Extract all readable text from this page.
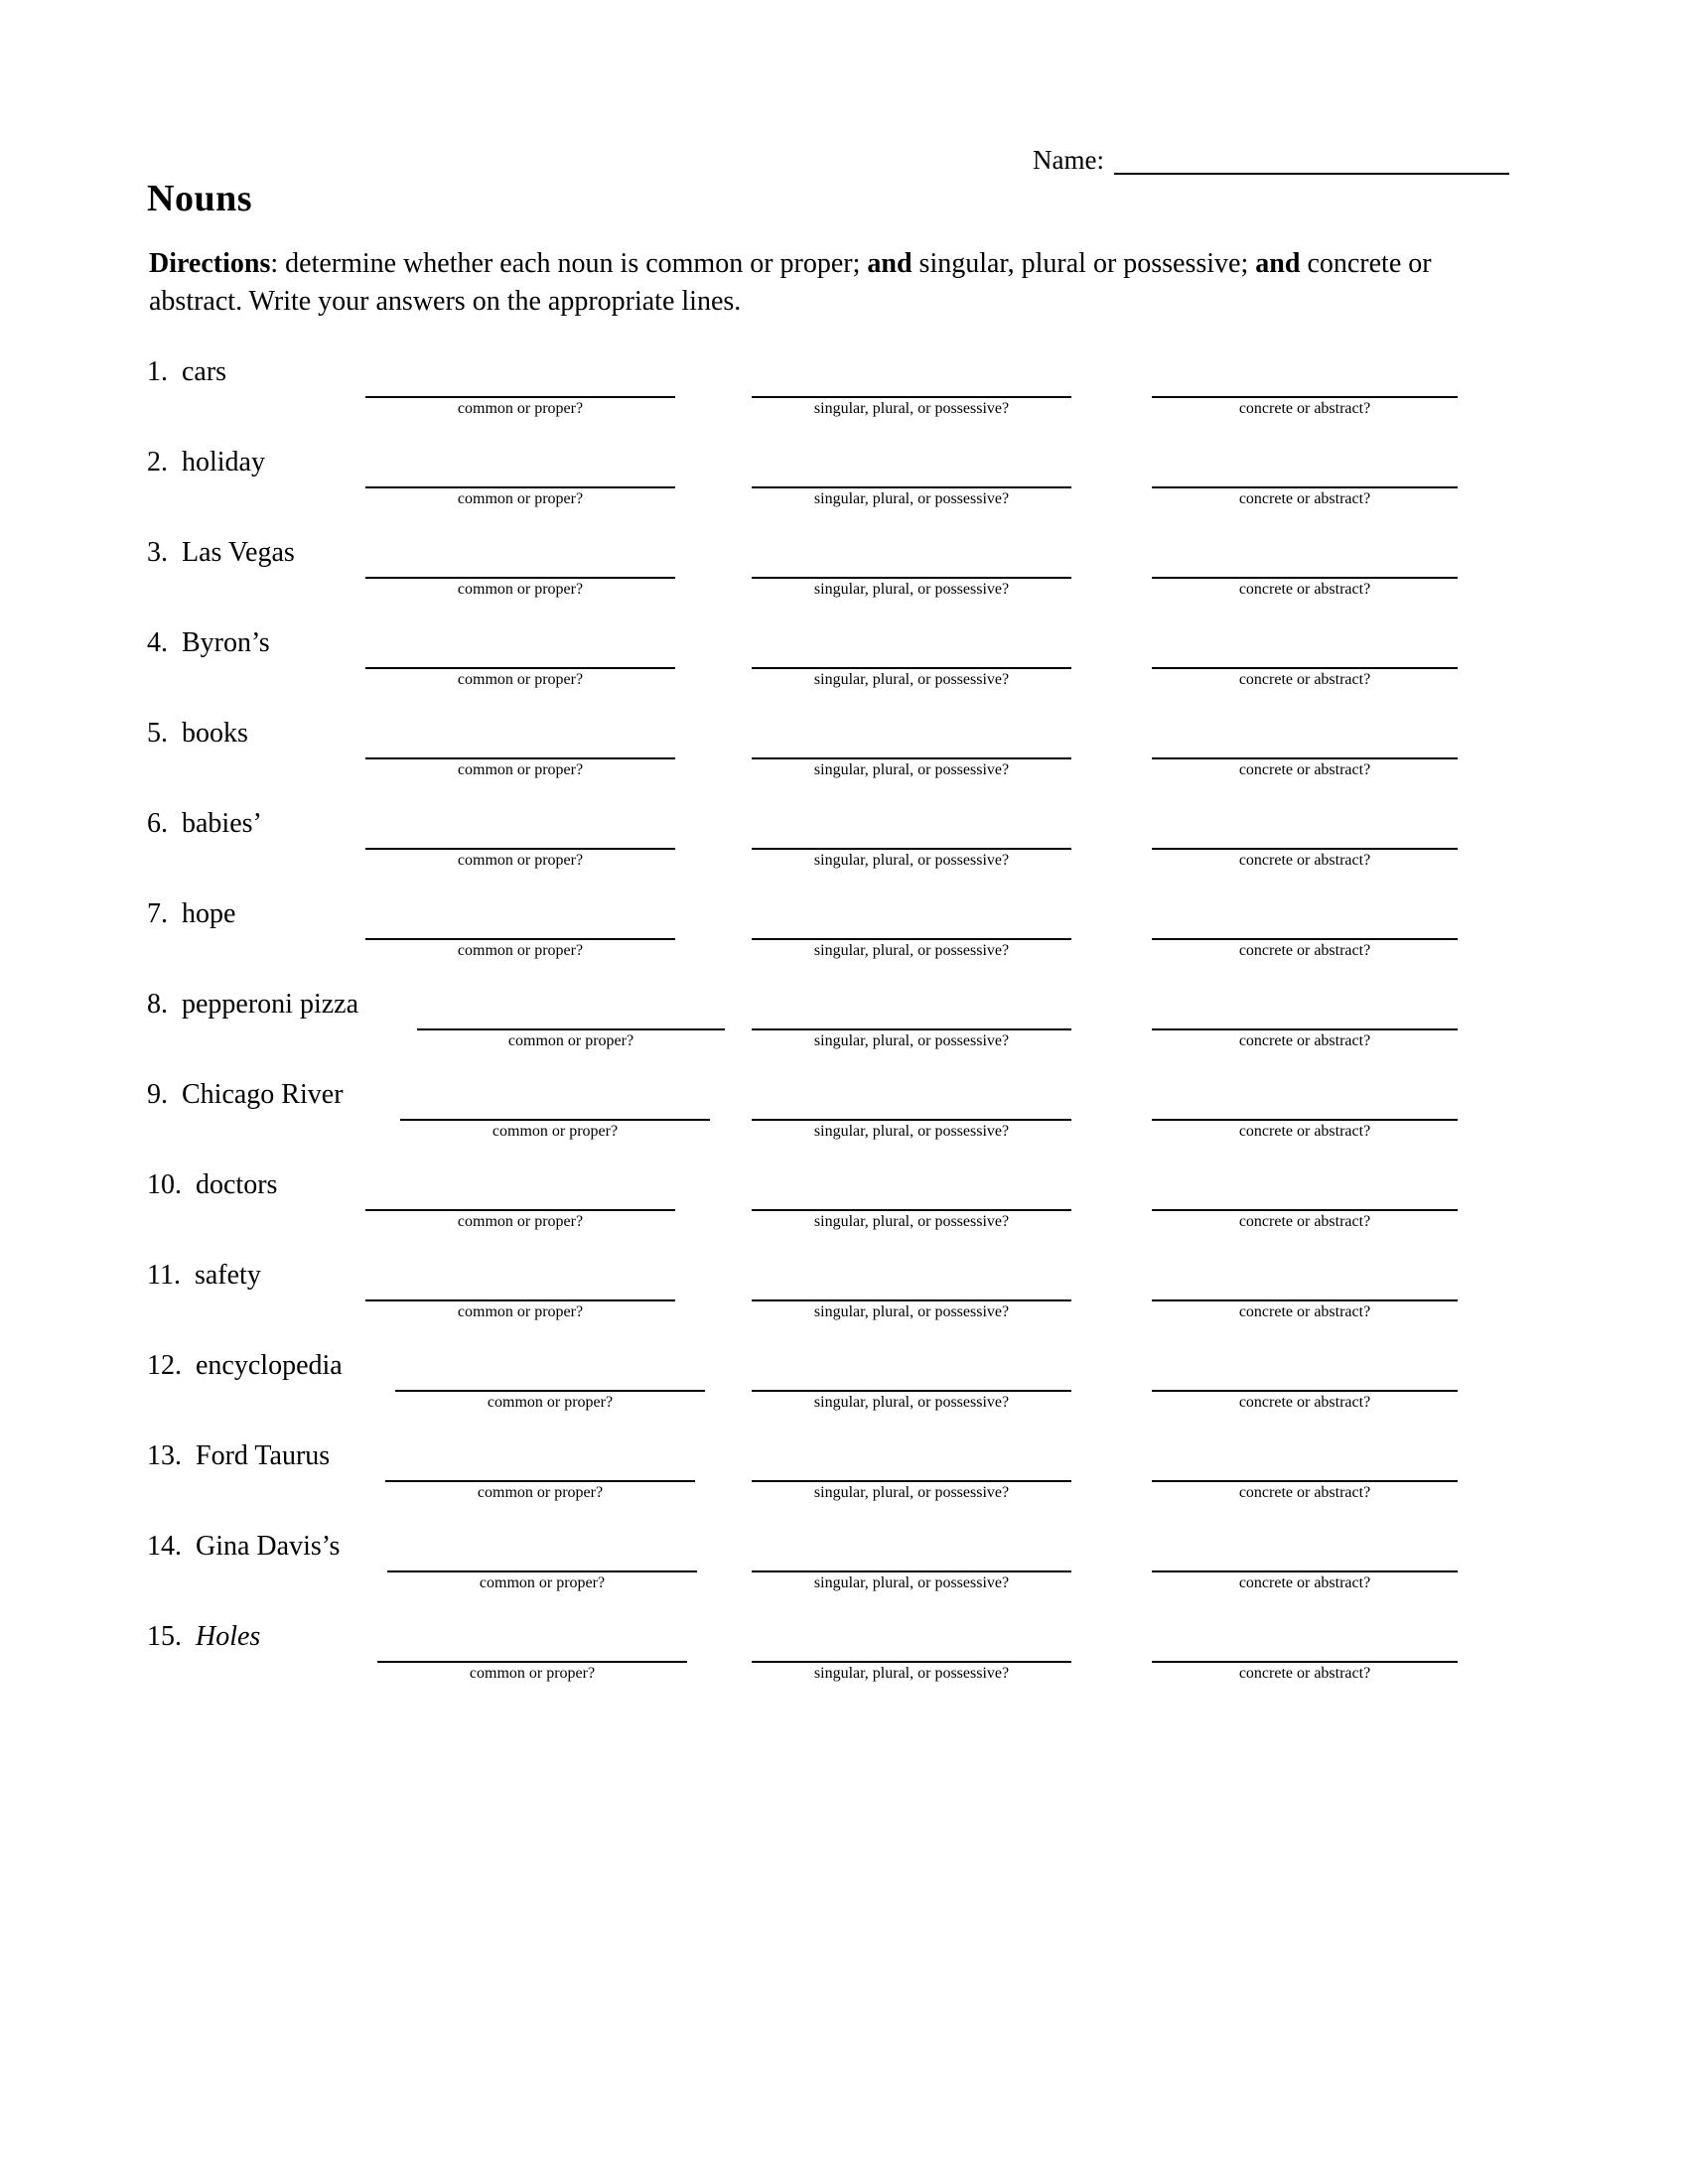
Name:
Nouns
Directions: determine whether each noun is common or proper; and singular, plural or possessive; and concrete or abstract. Write your answers on the appropriate lines.
1. cars
common or proper?	singular, plural, or possessive?	concrete or abstract?
2. holiday
common or proper?	singular, plural, or possessive?	concrete or abstract?
3. Las Vegas
common or proper?	singular, plural, or possessive?	concrete or abstract?
4. Byron’s
common or proper?	singular, plural, or possessive?	concrete or abstract?
5. books
common or proper?	singular, plural, or possessive?	concrete or abstract?
6. babies’
common or proper?	singular, plural, or possessive?	concrete or abstract?
7. hope
common or proper?	singular, plural, or possessive?	concrete or abstract?
8. pepperoni pizza
common or proper?	singular, plural, or possessive?	concrete or abstract?
9. Chicago River
common or proper?	singular, plural, or possessive?	concrete or abstract?
10. doctors
common or proper?	singular, plural, or possessive?	concrete or abstract?
11. safety
common or proper?	singular, plural, or possessive?	concrete or abstract?
12. encyclopedia
common or proper?	singular, plural, or possessive?	concrete or abstract?
13. Ford Taurus
common or proper?	singular, plural, or possessive?	concrete or abstract?
14. Gina Davis’s
common or proper?	singular, plural, or possessive?	concrete or abstract?
15. Holes
common or proper?	singular, plural, or possessive?	concrete or abstract?
